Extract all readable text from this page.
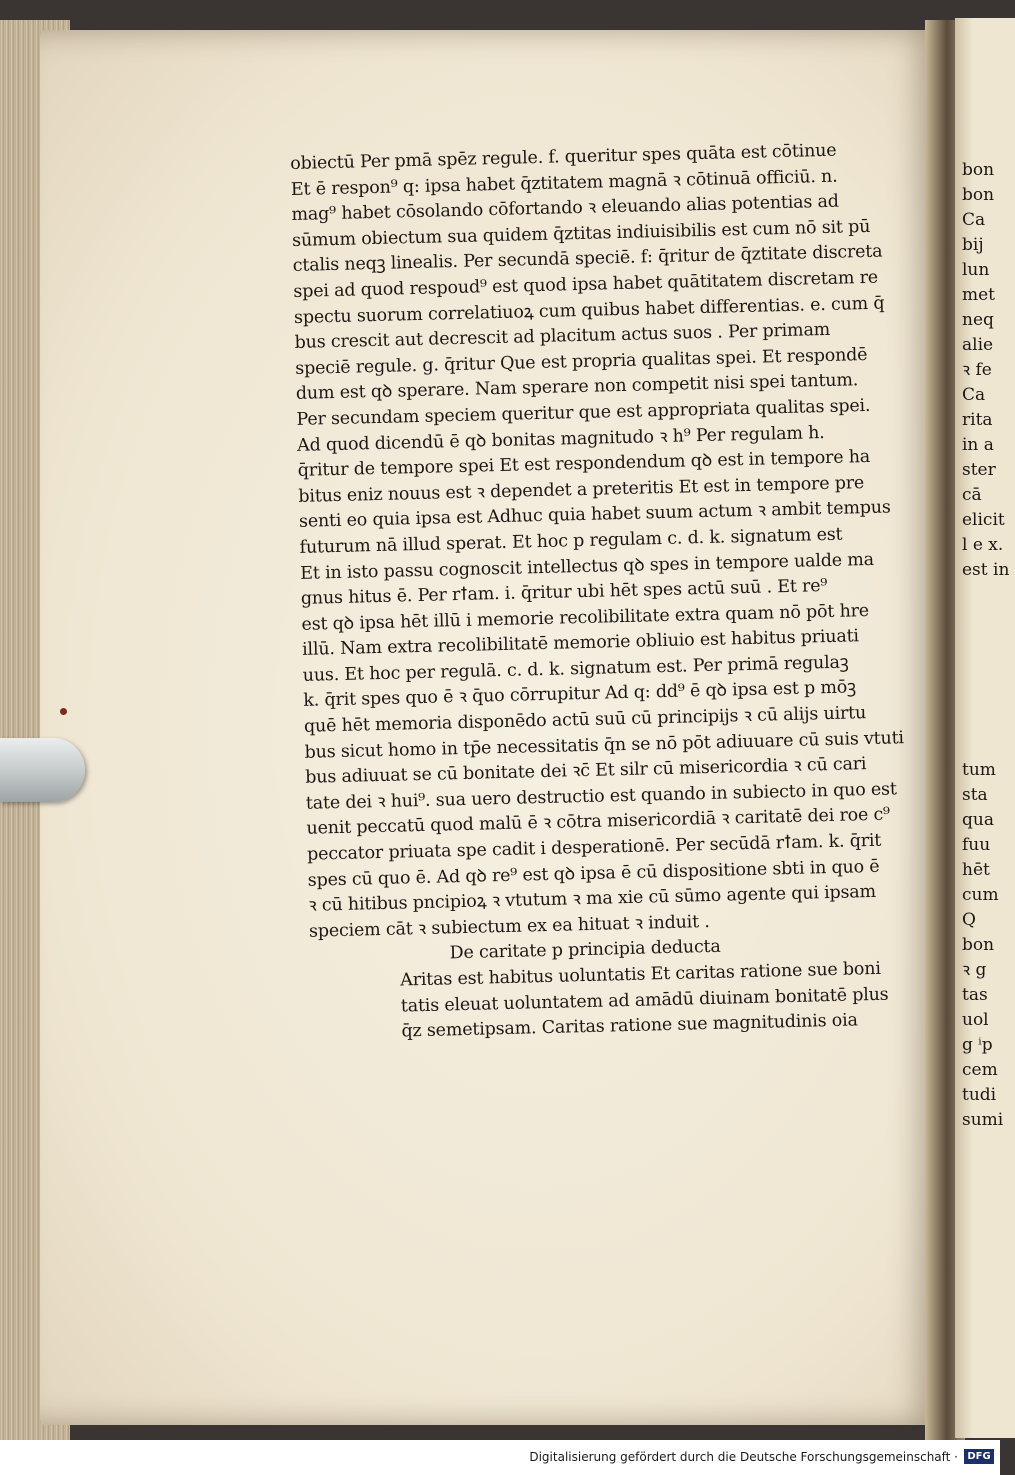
obiectū Per pmā spēz regule. f. queritur spes quāta est cōtinue
Et ē respon⁹ q: ipsa habet q̄ztitatem magnā ꝛ cōtinuā officiū. n.
mag⁹ habet cōsolando cōfortando ꝛ eleuando alias potentias ad
sūmum obiectum sua quidem q̄ztitas indiuisibilis est cum nō sit pū
ctalis neqꝫ linealis. Per secundā speciē. f: q̄ritur de q̄ztitate discreta
spei ad quod respoud⁹ est quod ipsa habet quātitatem discretam re
spectu suorum correlatiuoꝝ cum quibus habet differentias. e. cum q̄
bus crescit aut decrescit ad placitum actus suos . Per primam
speciē regule. g. q̄ritur Que est propria qualitas spei. Et respondē
dum est qꝺ sperare. Nam sperare non competit nisi spei tantum.
Per secundam speciem queritur que est appropriata qualitas spei.
Ad quod dicendū ē qꝺ bonitas magnitudo ꝛ h⁹ Per regulam h.
q̄ritur de tempore spei Et est respondendum qꝺ est in tempore ha
bitus eniz nouus est ꝛ dependet a preteritis Et est in tempore pre
senti eo quia ipsa est Adhuc quia habet suum actum ꝛ ambit tempus
futurum nā illud sperat. Et hoc p regulam c. d. k. signatum est
Et in isto passu cognoscit intellectus qꝺ spes in tempore ualde ma
gnus hitus ē. Per rꝉam. i. q̄ritur ubi hēt spes actū suū . Et re⁹
est qꝺ ipsa hēt illū i memorie recolibilitate extra quam nō pōt hre
illū. Nam extra recolibilitatē memorie obliuio est habitus priuati
uus. Et hoc per regulā. c. d. k. signatum est. Per primā regulaꝫ
k. q̄rit spes quo ē ꝛ q̄uo cōrrupitur Ad q: dd⁹ ē qꝺ ipsa est p mōꝫ
quē hēt memoria disponēdo actū suū cū principijs ꝛ cū alijs uirtu
bus sicut homo in tp̄e necessitatis q̄n se nō pōt adiuuare cū suis vtuti
bus adiuuat se cū bonitate dei ꝛc̄ Et silr cū misericordia ꝛ cū cari
tate dei ꝛ hui⁹. sua uero destructio est quando in subiecto in quo est
uenit peccatū quod malū ē ꝛ cōtra misericordiā ꝛ caritatē dei roe c⁹
peccator priuata spe cadit i desperationē. Per secūdā rꝉam. k. q̄rit
spes cū quo ē. Ad qꝺ re⁹ est qꝺ ipsa ē cū dispositione sbti in quo ē
ꝛ cū hitibus pncipioꝝ ꝛ vtutum ꝛ ma xie cū sūmo agente qui ipsam
speciem cāt ꝛ subiectum ex ea hituat ꝛ induit .
De caritate p principia deducta
Aritas est habitus uoluntatis Et caritas ratione sue boni
tatis eleuat uoluntatem ad amādū diuinam bonitatē plus
q̄z semetipsam. Caritas ratione sue magnitudinis oia
bon
bon
Ca
bij
lun
met
neq
alie
ꝛ fe
Ca
rita
in a
ster
cā
elicit
l e x.
est in
tum
sta
qua
fuu
hēt
cum
Q
bon
ꝛ g
tas
uol
g ⁱp
cem
tudi
sumi
Digitalisierung gefördert durch die Deutsche Forschungsgemeinschaft · DFG
